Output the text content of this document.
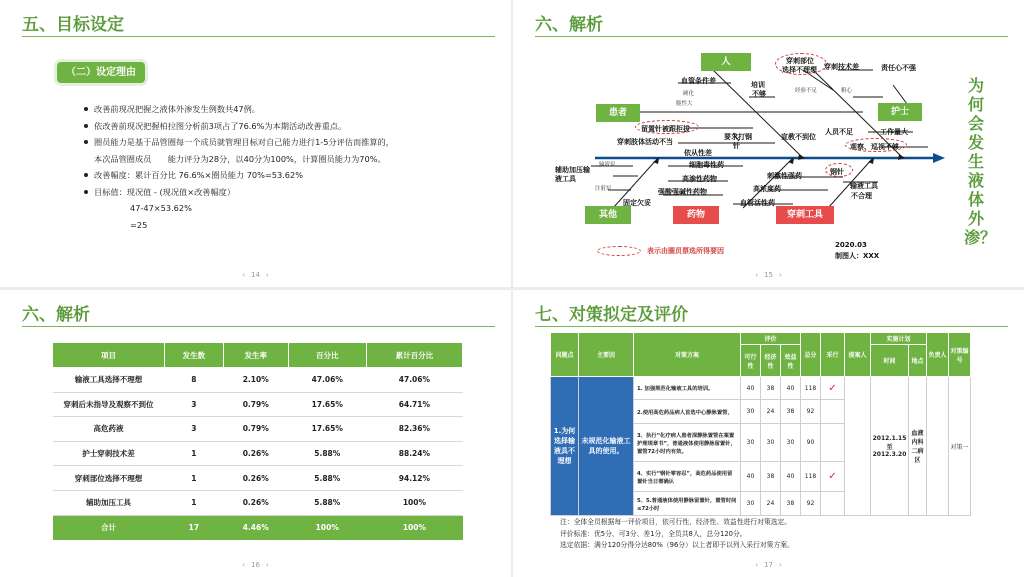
五、目标设定
（二）设定理由
改善前现况把握之液体外渗发生例数共47例。
依改善前现况把握柏拉图分析前3项占了76.6%为本期活动改善重点。
圈员能力是基于品管圈每一个成员就管理目标对自己能力进行1-5分评估而推算的，
本次品管圈成员　　能力评分为28分，以40分为100%，计算圈员能力为70%。
改善幅度：累计百分比 76.6%×圈员能力 70%=53.62%
目标值：现况值 - (现况值×改善幅度）
47-47×53.62%
=25
‹ 14 ›
六、解析
人
患者	护士
其他	药物	穿刺工具
血管条件差
硬化
脆性大
培训
不够	经验不足
穿刺部位
选择不理想 穿刺技术差	责任心不强
粗心
留置针被跟拒拔
穿刺肢体活动不当
要求打钢
针
依从性差
宣教不到位
人员不足	工作量大
观察、巡视不够
辅助加压输
液工具
输液泵
注射泵
细胞毒性药
高渗性药物
强酸强碱性药物
血管活性药
刺激性强药
高浓度药
固定欠妥
钢针
输液工具
不合理
表示由圈员票选所得要因
2020.03
制图人：XXX
为何会发生液体外渗？
‹ 15 ›
六、解析
项目	发生数	发生率	百分比	累计百分比
输液工具选择不理想	8	2.10%	47.06%	47.06%
穿刺后未指导及观察不到位	3	0.79%	17.65%	64.71%
高危药液	3	0.79%	17.65%	82.36%
护士穿刺技术差	1	0.26%	5.88%	88.24%
穿刺部位选择不理想	1	0.26%	5.88%	94.12%
辅助加压工具	1	0.26%	5.88%	100%
合计	17	4.46%	100%	100%
‹ 16 ›
七、对策拟定及评价
‹ 17 ›
问题点	主要因	对策方案	评价			总分	采行	提案人	实施计划		负责人	对策编号
			可行性	经济性	效益性				时间	地点		
1.为何选择输液具不理想	未规范化输液工具的使用。	1. 加强规范化输液工具的培训。	40	38	40	118	✓		2012.1.15至2012.3.20	血液内科二病区		对策一
		2.使用高危药品病人首选中心静脉置管，	30	24	38	92						
		3、执行“化疗病人患者深静脉置管在案置护理规章书”，普通液体使用静脉留置针，置管72小时内有效。	30	30	30	90						
		4、实行“钢针零容忍”，高危药品使用留置针当日需确认	40	38	40	118	✓					
		5、5.普通液体使用静脉留置针，置管时间≤72小时	30	24	38	92						
注：全体全员根据每一评价项目，依可行性、经济性、效益性进行对策选定。
评价标准：优5分、可3分、差1分，全员共8人，总分120分。
选定依据：满分120分得分达80%（96分）以上者即予以列入采行对策方案。
